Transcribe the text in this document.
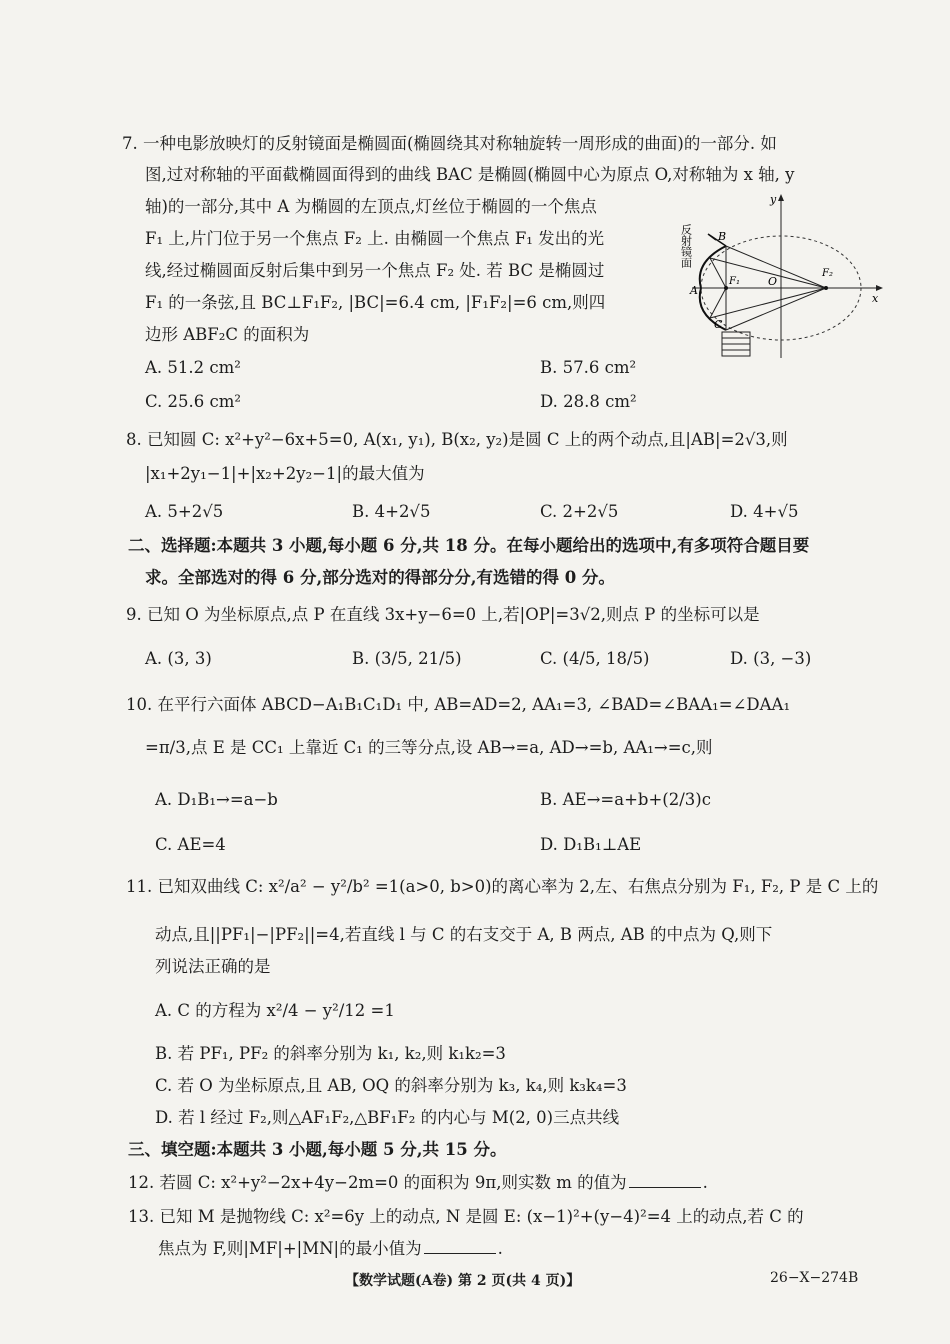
7. 一种电影放映灯的反射镜面是椭圆面(椭圆绕其对称轴旋转一周形成的曲面)的一部分. 如
图,过对称轴的平面截椭圆面得到的曲线 BAC 是椭圆(椭圆中心为原点 O,对称轴为 x 轴, y
轴)的一部分,其中 A 为椭圆的左顶点,灯丝位于椭圆的一个焦点
F₁ 上,片门位于另一个焦点 F₂ 上. 由椭圆一个焦点 F₁ 发出的光
线,经过椭圆面反射后集中到另一个焦点 F₂ 处. 若 BC 是椭圆过
F₁ 的一条弦,且 BC⊥F₁F₂, |BC|=6.4 cm, |F₁F₂|=6 cm,则四
边形 ABF₂C 的面积为
反射镜面
y
x
B
A
C
O
F₁
F₂
A. 51.2 cm²	B. 57.6 cm²
C. 25.6 cm²	D. 28.8 cm²
8. 已知圆 C: x²+y²−6x+5=0, A(x₁, y₁), B(x₂, y₂)是圆 C 上的两个动点,且|AB|=2√3,则
|x₁+2y₁−1|+|x₂+2y₂−1|的最大值为
A. 5+2√5	B. 4+2√5	C. 2+2√5	D. 4+√5
二、选择题:本题共 3 小题,每小题 6 分,共 18 分。在每小题给出的选项中,有多项符合题目要
求。全部选对的得 6 分,部分选对的得部分分,有选错的得 0 分。
9. 已知 O 为坐标原点,点 P 在直线 3x+y−6=0 上,若|OP|=3√2,则点 P 的坐标可以是
A. (3, 3)	B. (3/5, 21/5)	C. (4/5, 18/5)	D. (3, −3)
10. 在平行六面体 ABCD−A₁B₁C₁D₁ 中, AB=AD=2, AA₁=3, ∠BAD=∠BAA₁=∠DAA₁
=π/3,点 E 是 CC₁ 上靠近 C₁ 的三等分点,设 AB→=a, AD→=b, AA₁→=c,则
A. D₁B₁→=a−b	B. AE→=a+b+(2/3)c
C. AE=4	D. D₁B₁⊥AE
11. 已知双曲线 C: x²/a² − y²/b² =1(a>0, b>0)的离心率为 2,左、右焦点分别为 F₁, F₂, P 是 C 上的
动点,且||PF₁|−|PF₂||=4,若直线 l 与 C 的右支交于 A, B 两点, AB 的中点为 Q,则下
列说法正确的是
A. C 的方程为 x²/4 − y²/12 =1
B. 若 PF₁, PF₂ 的斜率分别为 k₁, k₂,则 k₁k₂=3
C. 若 O 为坐标原点,且 AB, OQ 的斜率分别为 k₃, k₄,则 k₃k₄=3
D. 若 l 经过 F₂,则△AF₁F₂,△BF₁F₂ 的内心与 M(2, 0)三点共线
三、填空题:本题共 3 小题,每小题 5 分,共 15 分。
12. 若圆 C: x²+y²−2x+4y−2m=0 的面积为 9π,则实数 m 的值为	.
13. 已知 M 是抛物线 C: x²=6y 上的动点, N 是圆 E: (x−1)²+(y−4)²=4 上的动点,若 C 的
焦点为 F,则|MF|+|MN|的最小值为	.
【数学试题(A卷) 第 2 页(共 4 页)】	26−X−274B
